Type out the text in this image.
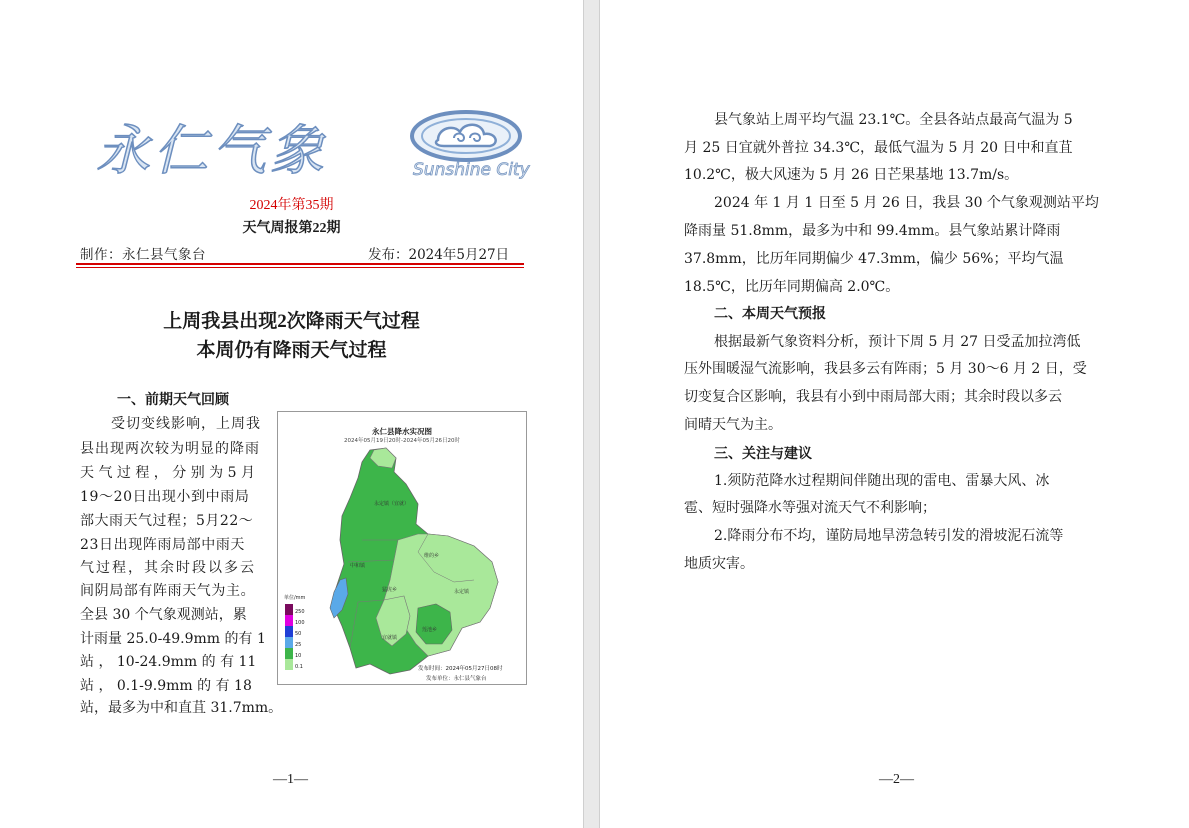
永仁气象	Sunshine City
2024年第35期
天气周报第22期
制作：永仁县气象台	发布：2024年5月27日
上周我县出现2次降雨天气过程
本周仍有降雨天气过程
一、前期天气回顾
受切变线影响，上周我
县出现两次较为明显的降雨
天 气 过 程 ， 分 别 为 5 月
19～20日出现小到中雨局
部大雨天气过程；5月22～
23日出现阵雨局部中雨天
气过程，其余时段以多云
间阴局部有阵雨天气为主。
全县 30 个气象观测站，累
计雨量 25.0-49.9mm 的有 1
站 ， 10-24.9mm 的 有 11
站 ， 0.1-9.9mm 的 有 18
站，最多为中和直苴 31.7mm。
永仁县降水实况图
2024年05月19日20时-2024年05月26日20时
永定镇（宜就）
中和镇
维的乡
猛虎乡	永定镇
莲池乡
宜就镇
单位/mm
250
100
50
25
10
0.1	发布时间：2024年05月27日08时
发布单位：永仁县气象台
—1—
县气象站上周平均气温 23.1℃。全县各站点最高气温为 5
月 25 日宜就外普拉 34.3℃，最低气温为 5 月 20 日中和直苴
10.2℃，极大风速为 5 月 26 日芒果基地 13.7m/s。
2024 年 1 月 1 日至 5 月 26 日，我县 30 个气象观测站平均
降雨量 51.8mm，最多为中和 99.4mm。县气象站累计降雨
37.8mm，比历年同期偏少 47.3mm，偏少 56%；平均气温
18.5℃，比历年同期偏高 2.0℃。
二、本周天气预报
根据最新气象资料分析，预计下周 5 月 27 日受孟加拉湾低
压外围暖湿气流影响，我县多云有阵雨；5 月 30～6 月 2 日，受
切变复合区影响，我县有小到中雨局部大雨；其余时段以多云
间晴天气为主。
三、关注与建议
1.须防范降水过程期间伴随出现的雷电、雷暴大风、冰
雹、短时强降水等强对流天气不利影响；
2.降雨分布不均，谨防局地旱涝急转引发的滑坡泥石流等
地质灾害。
—2—
